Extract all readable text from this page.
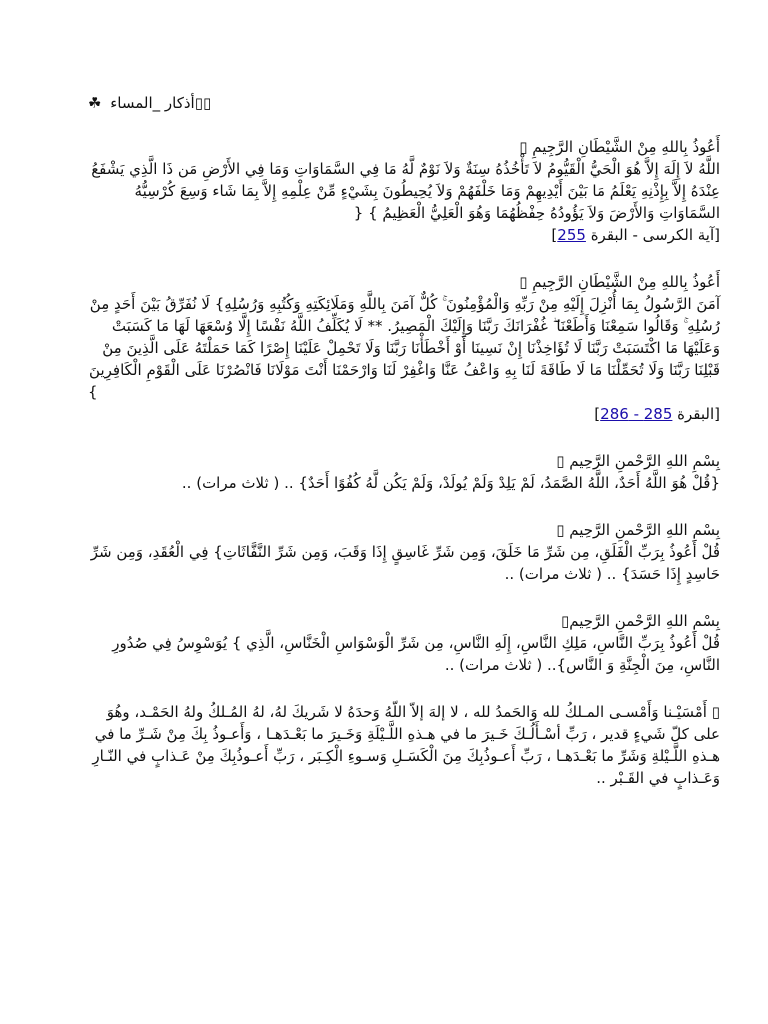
☘ أذكار _المساء▯▯

أَعُوذُ بِاللهِ مِنْ الشَّيْطَانِ الرَّجِيمِ ▯

اللَّهُ لاَ إِلَهَ إِلاَّ هُوَ الْحَيُّ الْقَيُّومُ لاَ تَأْخُذُهُ سِنَةٌ وَلاَ نَوْمٌ لَّهُ مَا فِي السَّمَاوَاتِ وَمَا فِي الأَرْضِ مَن ذَا الَّذِي يَشْفَعُ عِنْدَهُ إِلاَّ بِإِذْنِهِ يَعْلَمُ مَا بَيْنَ أَيْدِيهِمْ وَمَا خَلْفَهُمْ وَلاَ يُحِيطُونَ بِشَيْءٍ مِّنْ عِلْمِهِ إِلاَّ بِمَا شَاء وَسِعَ كُرْسِيُّهُ السَّمَاوَاتِ وَالأَرْضَ وَلاَ يَؤُودُهُ حِفْظُهُمَا وَهُوَ الْعَلِيُّ الْعَظِيمُ } {

[آية الكرسى - البقرة 255]

أَعُوذُ بِاللهِ مِنْ الشَّيْطَانِ الرَّجِيمِ ▯

آمَنَ الرَّسُولُ بِمَا أُنْزِلَ إِلَيْهِ مِنْ رَبِّهِ وَالْمُؤْمِنُونَ ۚ كُلٌّ آمَنَ بِاللَّهِ وَمَلَائِكَتِهِ وَكُتُبِهِ وَرُسُلِهِ} لَا نُفَرِّقُ بَيْنَ أَحَدٍ مِنْ رُسُلِهِ ۚ وَقَالُوا سَمِعْنَا وَأَطَعْنَا ۖ غُفْرَانَكَ رَبَّنَا وَإِلَيْكَ الْمَصِيرُ. ** لَا يُكَلِّفُ اللَّهُ نَفْسًا إِلَّا وُسْعَهَا لَهَا مَا كَسَبَتْ وَعَلَيْهَا مَا اكْتَسَبَتْ رَبَّنَا لَا تُؤَاخِذْنَا إِنْ نَسِينَا أَوْ أَخْطَأْنَا رَبَّنَا وَلَا تَحْمِلْ عَلَيْنَا إِصْرًا كَمَا حَمَلْتَهُ عَلَى الَّذِينَ مِنْ قَبْلِنَا رَبَّنَا وَلَا تُحَمِّلْنَا مَا لَا طَاقَةَ لَنَا بِهِ وَاعْفُ عَنَّا وَاغْفِرْ لَنَا وَارْحَمْنَا أَنْتَ مَوْلَانَا فَانْصُرْنَا عَلَى الْقَوْمِ الْكَافِرِينَ

{

[البقرة 285 - 286]

بِسْمِ اللهِ الرَّحْمنِ الرَّحِيم ▯

{قُلْ هُوَ اللَّهُ أَحَدٌ، اللَّهُ الصَّمَدُ، لَمْ يَلِدْ وَلَمْ يُولَدْ، وَلَمْ يَكُن لَّهُ كُفُوًا أَحَدٌ} .. ( ثلاث مرات) ..

بِسْمِ اللهِ الرَّحْمنِ الرَّحِيم ▯

قُلْ أَعُوذُ بِرَبِّ الْفَلَقِ، مِن شَرِّ مَا خَلَقَ، وَمِن شَرِّ غَاسِقٍ إِذَا وَقَبَ، وَمِن شَرِّ النَّفَّاثَاتِ} فِي الْعُقَدِ، وَمِن شَرِّ حَاسِدٍ إِذَا حَسَدَ} .. ( ثلاث مرات) ..

بِسْمِ اللهِ الرَّحْمنِ الرَّحِيم▯

قُلْ أَعُوذُ بِرَبِّ النَّاسِ، مَلِكِ النَّاسِ، إِلَهِ النَّاسِ، مِن شَرِّ الْوَسْوَاسِ الْخَنَّاسِ، الَّذِي } يُوَسْوِسُ فِي صُدُورِ النَّاسِ، مِنَ الْجِنَّةِ وَ النَّاس}.. ( ثلاث مرات) ..

▯ أَمْسَيْـنا وَأَمْسـى المـلكُ لله وَالحَمدُ لله ، لا إلهَ إلاّ اللّهُ وَحدَهُ لا شَريكَ لهُ، لهُ المُـلكُ ولهُ الحَمْـد، وهُوَ على كلّ شَيءٍ قدير ، رَبِّ أسْـأَلُـكَ خَـيرَ ما في هـذهِ اللَّـيْلَةِ وَخَـيرَ ما بَعْـدَهـا ، وَأَعـوذُ بِكَ مِنْ شَـرِّ ما في هـذهِ اللَّـيْلةِ وَشَرِّ ما بَعْـدَهـا ، رَبِّ أَعـوذُبِكَ مِنَ الْكَسَـلِ وَسـوءِ الْكِـبَر ، رَبِّ أَعـوذُبِكَ مِنْ عَـذابٍ في النّـارِ وَعَـذابٍ في القَـبْر ..
